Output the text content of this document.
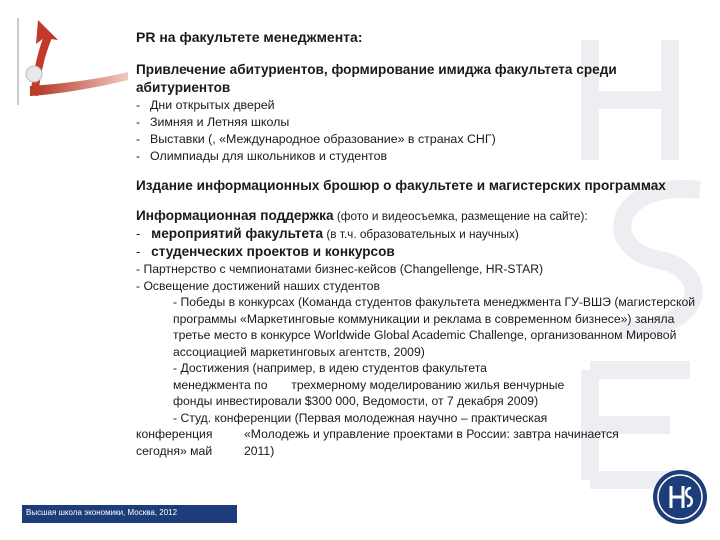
PR на факультете менеджмента:

Привлечение абитуриентов, формирование имиджа факультета среди абитуриентов

- Дни открытых дверей
- Зимняя и Летняя школы
- Выставки (, «Международное образование» в странах СНГ)
- Олимпиады для школьников и студентов

Издание информационных брошюр о факультете и магистерских программах

Информационная поддержка (фото и видеосъемка, размещение на сайте):
-   мероприятий факультета (в т.ч. образовательных и научных)
-   студенческих проектов и конкурсов
- Партнерство с чемпионатами бизнес-кейсов (Changellenge, HR-STAR)
- Освещение достижений наших студентов
- Победы в конкурсах (Команда студентов факультета менеджмента ГУ-ВШЭ (магистерской программы «Маркетинговые коммуникации и реклама в современном бизнесе») заняла третье место в конкурсе Worldwide Global Academic Challenge, организованном Мировой ассоциацией маркетинговых агентств, 2009)
- Достижения (например, в идею студентов факультета
менеджмента по трехмерному моделированию жилья венчурные
фонды инвестировали $300 000, Ведомости, от 7 декабря 2009)
- Студ. конференции (Первая молодежная научно – практическая
конференция	«Молодежь и управление проектами в России: завтра начинается
сегодня» май	2011)
Высшая школа экономики, Москва, 2012
